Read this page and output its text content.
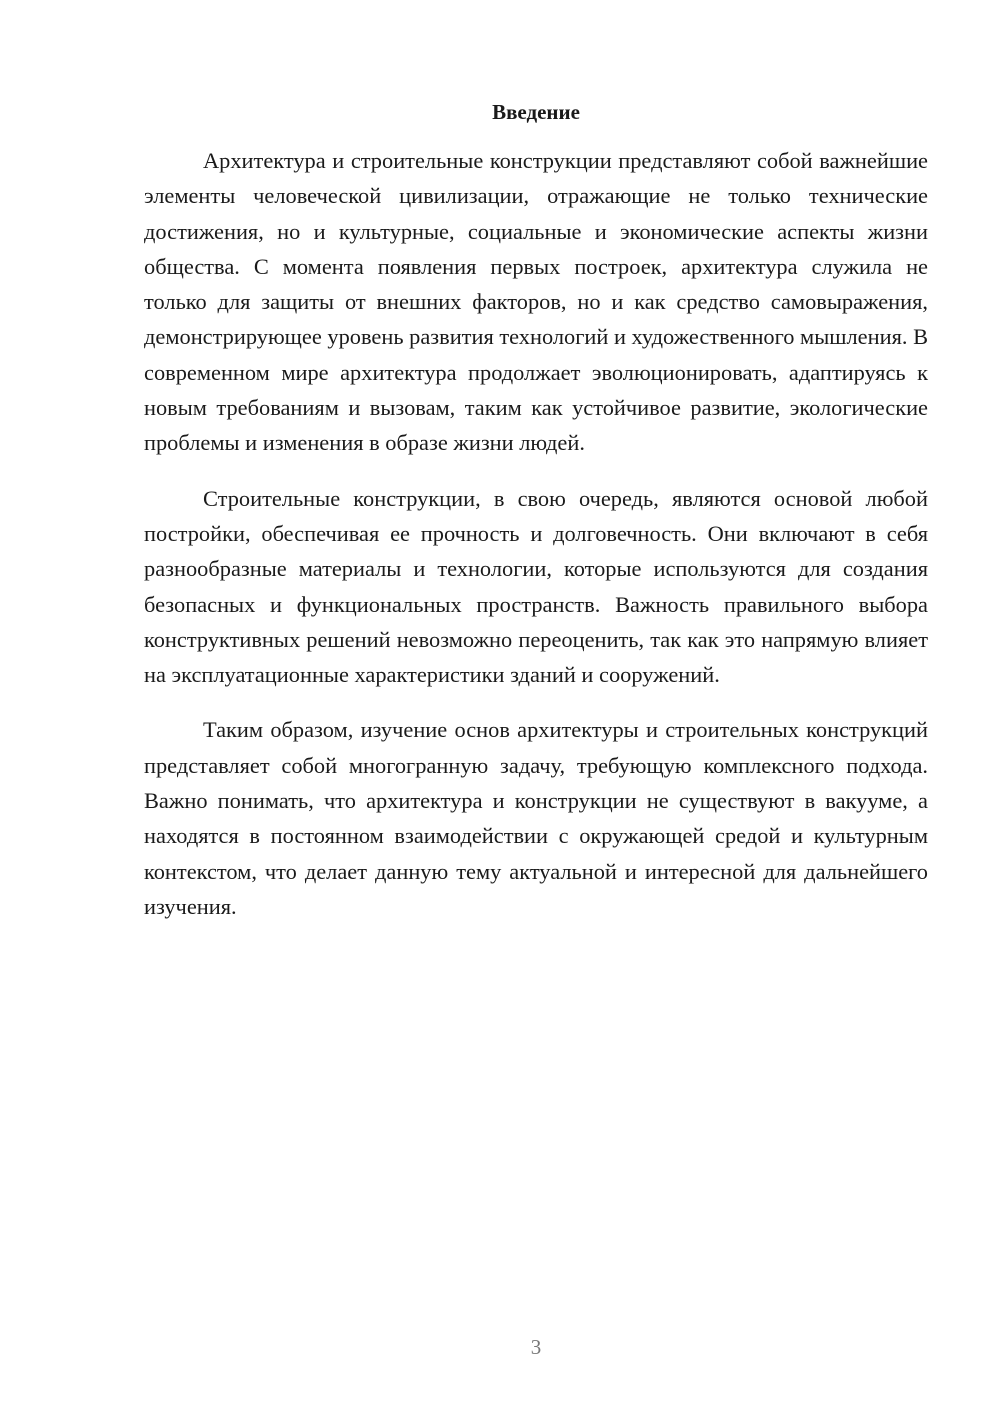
Введение

Архитектура и строительные конструкции представляют собой важнейшие элементы человеческой цивилизации, отражающие не только технические достижения, но и культурные, социальные и экономические аспекты жизни общества. С момента появления первых построек, архитектура служила не только для защиты от внешних факторов, но и как средство самовыражения, демонстрирующее уровень развития технологий и художественного мышления. В современном мире архитектура продолжает эволюционировать, адаптируясь к новым требованиям и вызовам, таким как устойчивое развитие, экологические проблемы и изменения в образе жизни людей.

Строительные конструкции, в свою очередь, являются основой любой постройки, обеспечивая ее прочность и долговечность. Они включают в себя разнообразные материалы и технологии, которые используются для создания безопасных и функциональных пространств. Важность правильного выбора конструктивных решений невозможно переоценить, так как это напрямую влияет на эксплуатационные характеристики зданий и сооружений.

Таким образом, изучение основ архитектуры и строительных конструкций представляет собой многогранную задачу, требующую комплексного подхода. Важно понимать, что архитектура и конструкции не существуют в вакууме, а находятся в постоянном взаимодействии с окружающей средой и культурным контекстом, что делает данную тему актуальной и интересной для дальнейшего изучения.

3
